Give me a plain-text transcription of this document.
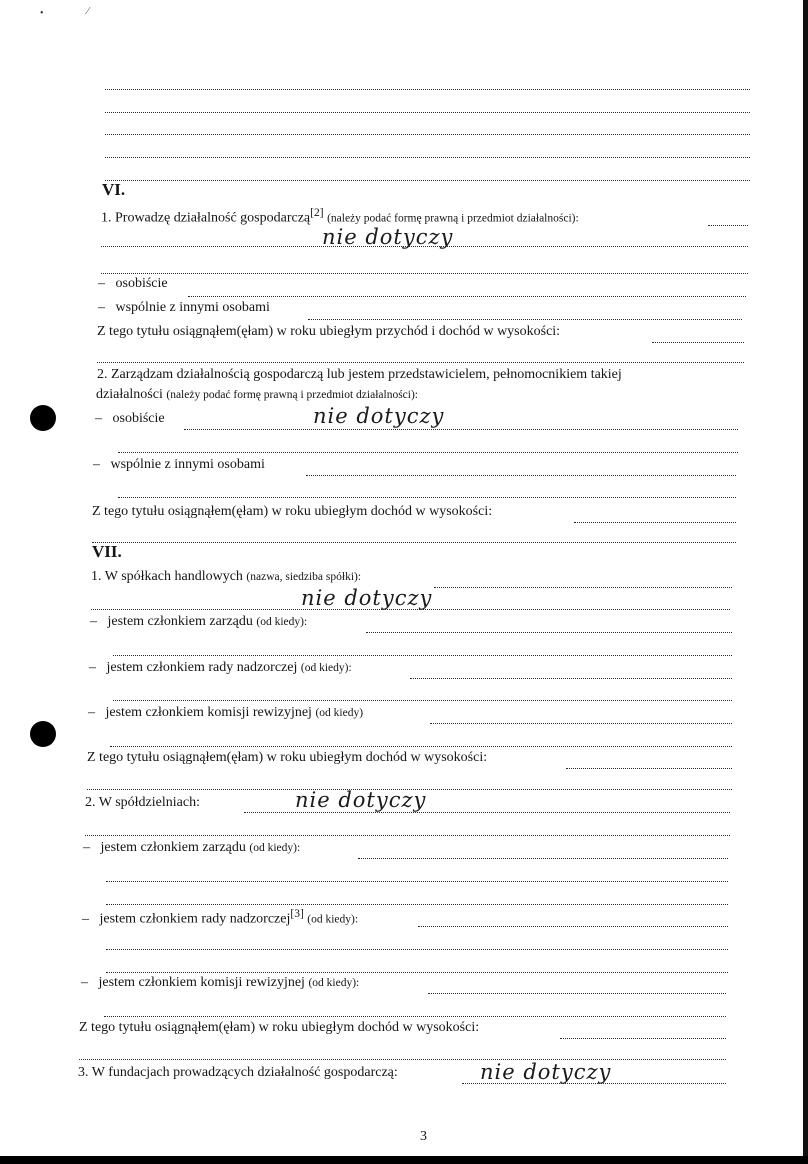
•	⁄
VI.
1. Prowadzę działalność gospodarczą[2] (należy podać formę prawną i przedmiot działalności):
nie dotyczy
– osobiście
– wspólnie z innymi osobami
Z tego tytułu osiągnąłem(ęłam) w roku ubiegłym przychód i dochód w wysokości:
2. Zarządzam działalnością gospodarczą lub jestem przedstawicielem, pełnomocnikiem takiej
działalności (należy podać formę prawną i przedmiot działalności):
– osobiście	nie dotyczy
– wspólnie z innymi osobami
Z tego tytułu osiągnąłem(ęłam) w roku ubiegłym dochód w wysokości:
VII.
1. W spółkach handlowych (nazwa, siedziba spółki):
nie dotyczy
– jestem członkiem zarządu (od kiedy):
– jestem członkiem rady nadzorczej (od kiedy):
– jestem członkiem komisji rewizyjnej (od kiedy)
Z tego tytułu osiągnąłem(ęłam) w roku ubiegłym dochód w wysokości:
2. W spółdzielniach:	nie dotyczy
– jestem członkiem zarządu (od kiedy):
– jestem członkiem rady nadzorczej[3] (od kiedy):
– jestem członkiem komisji rewizyjnej (od kiedy):
Z tego tytułu osiągnąłem(ęłam) w roku ubiegłym dochód w wysokości:
3. W fundacjach prowadzących działalność gospodarczą:	nie dotyczy
3
